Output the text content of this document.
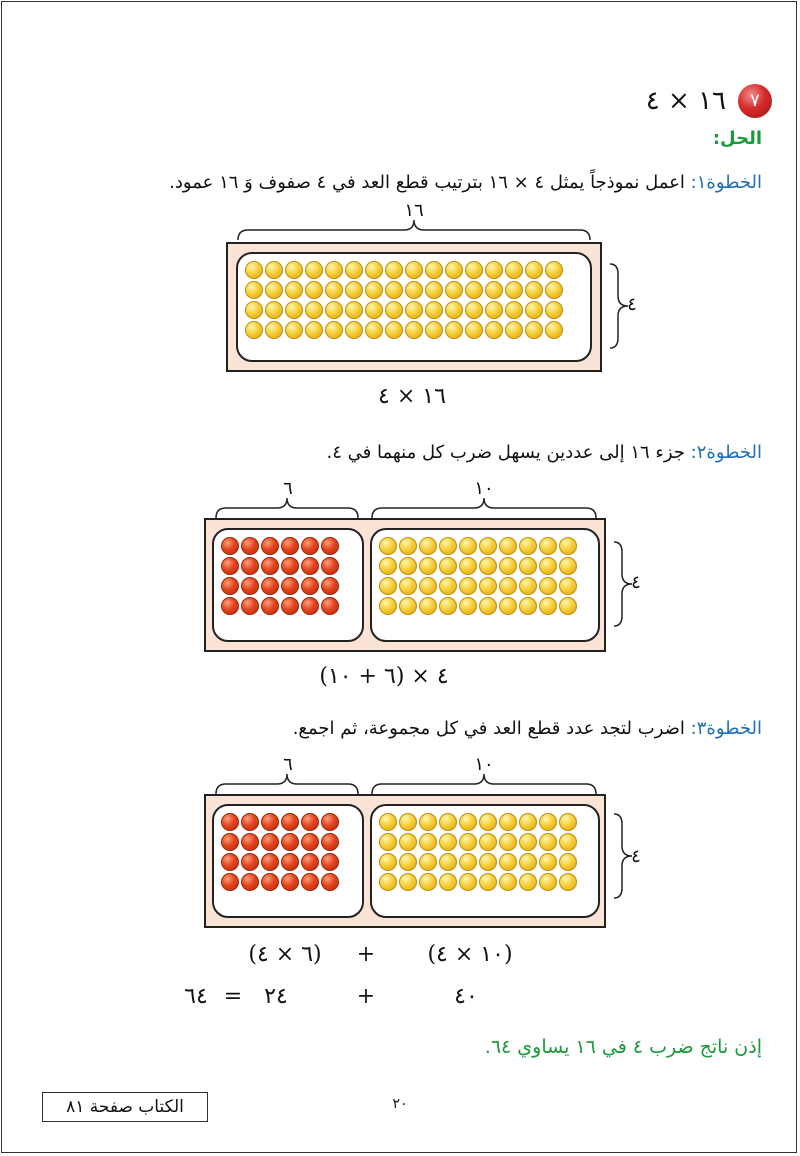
٧
١٦ × ٤
الحل:
الخطوة١: اعمل نموذجاً يمثل ٤ × ١٦ بترتيب قطع العد في ٤ صفوف وَ ١٦ عمود.
١٦
٤
١٦ × ٤
الخطوة٢: جزء ١٦ إلى عددين يسهل ضرب كل منهما في ٤.
٦	١٠
٤
(٦ + ١٠) × ٤
الخطوة٣: اضرب لتجد عدد قطع العد في كل مجموعة، ثم اجمع.
٦	١٠
٤
(٦ × ٤)	+	(١٠ × ٤)
٦٤ = ٢٤	+	٤٠
إذن ناتج ضرب ٤ في ١٦ يساوي ٦٤.
٢٠
الكتاب صفحة ٨١
